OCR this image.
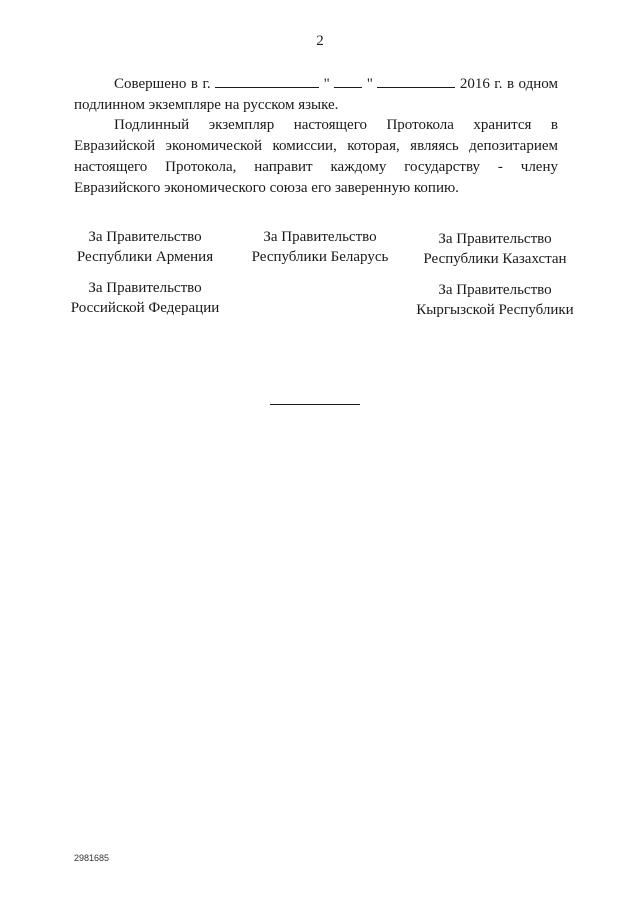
2
Совершено в г.	" "	2016 г. в одном
подлинном экземпляре на русском языке.
Подлинный экземпляр настоящего Протокола хранится в
Евразийской экономической комиссии, которая, являясь депозитарием
настоящего Протокола, направит каждому государству - члену
Евразийского экономического союза его заверенную копию.
За Правительство
Республики Армения
За Правительство
Республики Беларусь
За Правительство
Республики Казахстан
За Правительство
Российской Федерации
За Правительство
Кыргызской Республики
2981685
